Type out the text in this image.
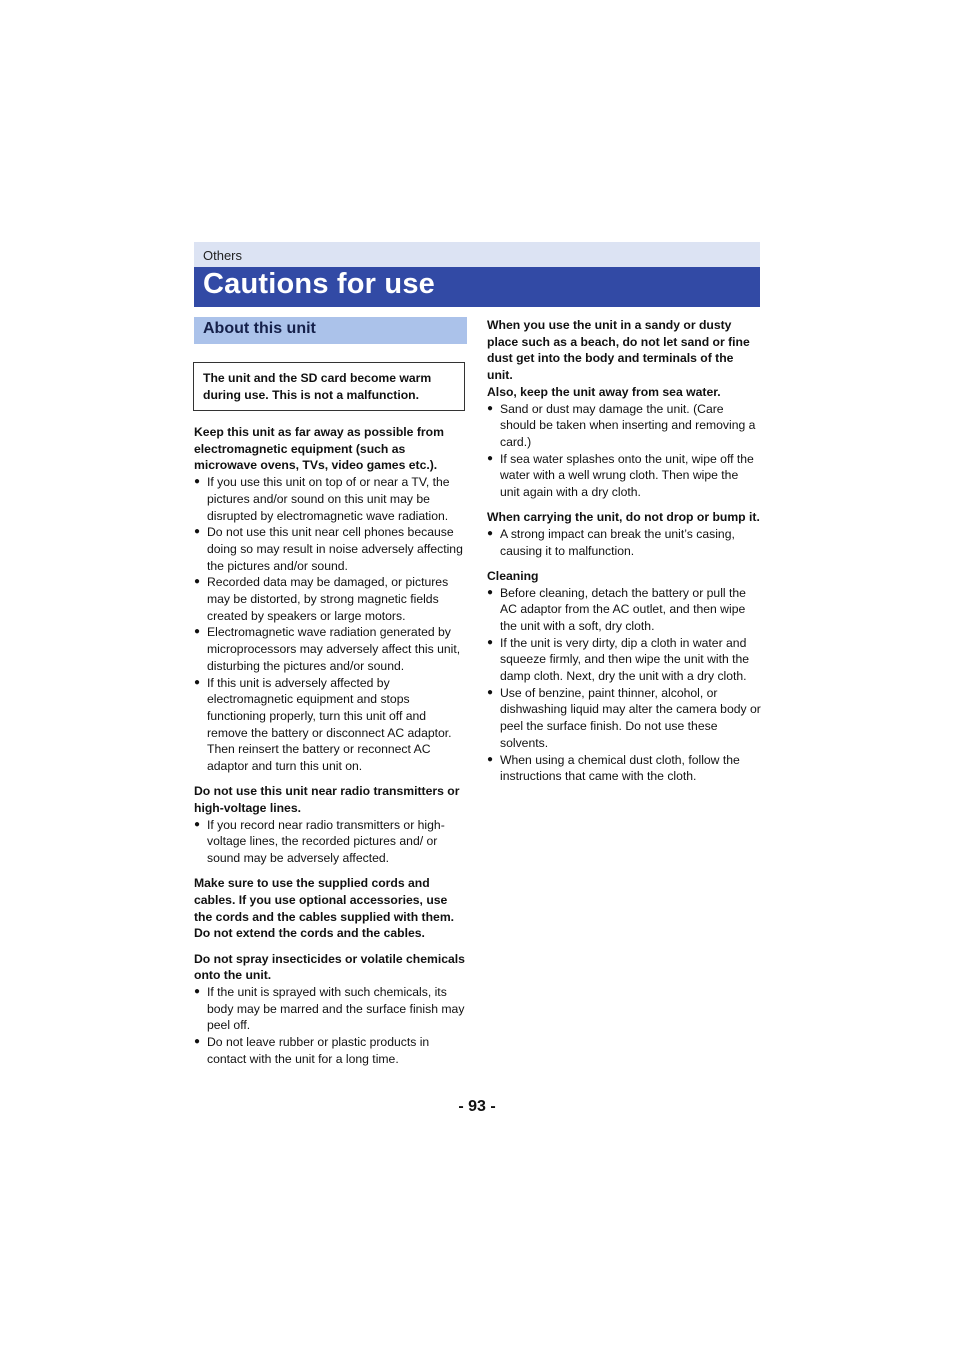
Others
Cautions for use
About this unit
The unit and the SD card become warm during use. This is not a malfunction.
Keep this unit as far away as possible from electromagnetic equipment (such as microwave ovens, TVs, video games etc.).
● If you use this unit on top of or near a TV, the pictures and/or sound on this unit may be disrupted by electromagnetic wave radiation.
● Do not use this unit near cell phones because doing so may result in noise adversely affecting the pictures and/or sound.
● Recorded data may be damaged, or pictures may be distorted, by strong magnetic fields created by speakers or large motors.
● Electromagnetic wave radiation generated by microprocessors may adversely affect this unit, disturbing the pictures and/or sound.
● If this unit is adversely affected by electromagnetic equipment and stops functioning properly, turn this unit off and remove the battery or disconnect AC adaptor. Then reinsert the battery or reconnect AC adaptor and turn this unit on.
Do not use this unit near radio transmitters or high-voltage lines.
● If you record near radio transmitters or high-voltage lines, the recorded pictures and/ or sound may be adversely affected.
Make sure to use the supplied cords and cables. If you use optional accessories, use the cords and the cables supplied with them.
Do not extend the cords and the cables.
Do not spray insecticides or volatile chemicals onto the unit.
● If the unit is sprayed with such chemicals, its body may be marred and the surface finish may peel off.
● Do not leave rubber or plastic products in contact with the unit for a long time.
When you use the unit in a sandy or dusty place such as a beach, do not let sand or fine dust get into the body and terminals of the unit.
Also, keep the unit away from sea water.
● Sand or dust may damage the unit. (Care should be taken when inserting and removing a card.)
● If sea water splashes onto the unit, wipe off the water with a well wrung cloth. Then wipe the unit again with a dry cloth.
When carrying the unit, do not drop or bump it.
● A strong impact can break the unit’s casing, causing it to malfunction.
Cleaning
● Before cleaning, detach the battery or pull the AC adaptor from the AC outlet, and then wipe the unit with a soft, dry cloth.
● If the unit is very dirty, dip a cloth in water and squeeze firmly, and then wipe the unit with the damp cloth. Next, dry the unit with a dry cloth.
● Use of benzine, paint thinner, alcohol, or dishwashing liquid may alter the camera body or peel the surface finish. Do not use these solvents.
● When using a chemical dust cloth, follow the instructions that came with the cloth.
- 93 -
